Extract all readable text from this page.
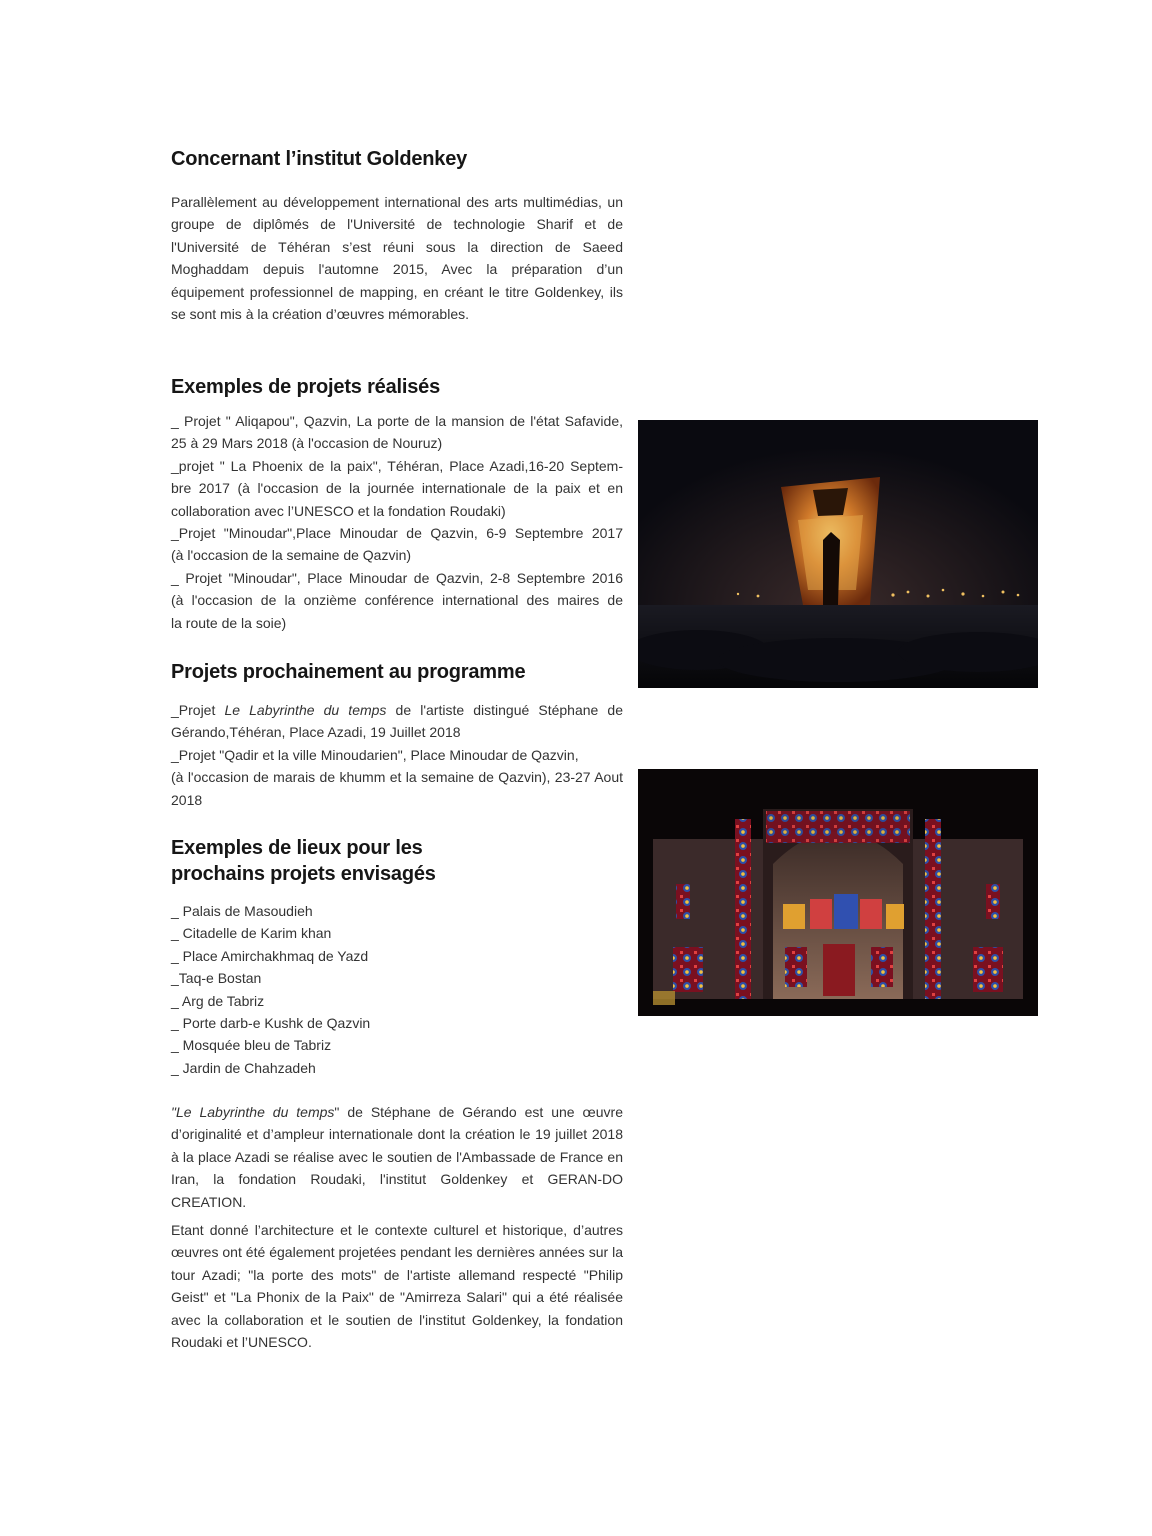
Concernant l’institut Goldenkey

Parallèlement au développement international des arts multimédias, un groupe de diplômés de l'Université de technologie Sharif et de l'Université de Téhéran s’est réuni sous la direction de Saeed Moghaddam depuis l'automne 2015, Avec la préparation d’un équipement professionnel de mapping, en créant le titre Goldenkey, ils se sont mis à la création d’œuvres mémorables.

Exemples de projets réalisés
_ Projet " Aliqapou", Qazvin, La porte de la mansion de l'état Safavide,
25 à 29 Mars 2018 (à l'occasion de Nouruz)
_projet " La Phoenix de la paix", Téhéran, Place Azadi,16-20 Septem-
bre 2017 (à l'occasion de la journée internationale de la paix et en
collaboration avec l’UNESCO et la fondation Roudaki)
_Projet "Minoudar",Place Minoudar de Qazvin, 6-9 Septembre 2017
(à l'occasion de la semaine de Qazvin)
_ Projet "Minoudar", Place Minoudar de Qazvin, 2-8 Septembre 2016
(à l'occasion de la onzième conférence international des maires de
la route de la soie)
Projets prochainement au programme

_Projet Le Labyrinthe du temps de l'artiste distingué Stéphane de Gérando,Téhéran, Place Azadi, 19 Juillet 2018

_Projet "Qadir et la ville Minoudarien", Place Minoudar de Qazvin,

(à l'occasion de marais de khumm et la semaine de Qazvin), 23-27 Aout 2018

Exemples de lieux pour les
prochains projets envisagés
_ Palais de Masoudieh
_ Citadelle de Karim khan
_ Place Amirchakhmaq de Yazd
_Taq-e Bostan
_ Arg de Tabriz
_ Porte darb-e Kushk de Qazvin
_ Mosquée bleu de Tabriz
_ Jardin de Chahzadeh

"Le Labyrinthe du temps" de Stéphane de Gérando est une œuvre d’originalité et d’ampleur internationale dont la création le 19 juillet 2018 à la place Azadi se réalise avec le soutien de l'Ambassade de France en Iran, la fondation Roudaki, l'institut Goldenkey et GERAN-DO CREATION.

Etant donné l’architecture et le contexte culturel et historique, d’autres œuvres ont été également projetées pendant les dernières années sur la tour Azadi; "la porte des mots" de l'artiste allemand respecté "Philip Geist" et "La Phonix de la Paix" de "Amirreza Salari" qui a été réalisée avec la collaboration et le soutien de l'institut Goldenkey, la fondation Roudaki et l’UNESCO.
